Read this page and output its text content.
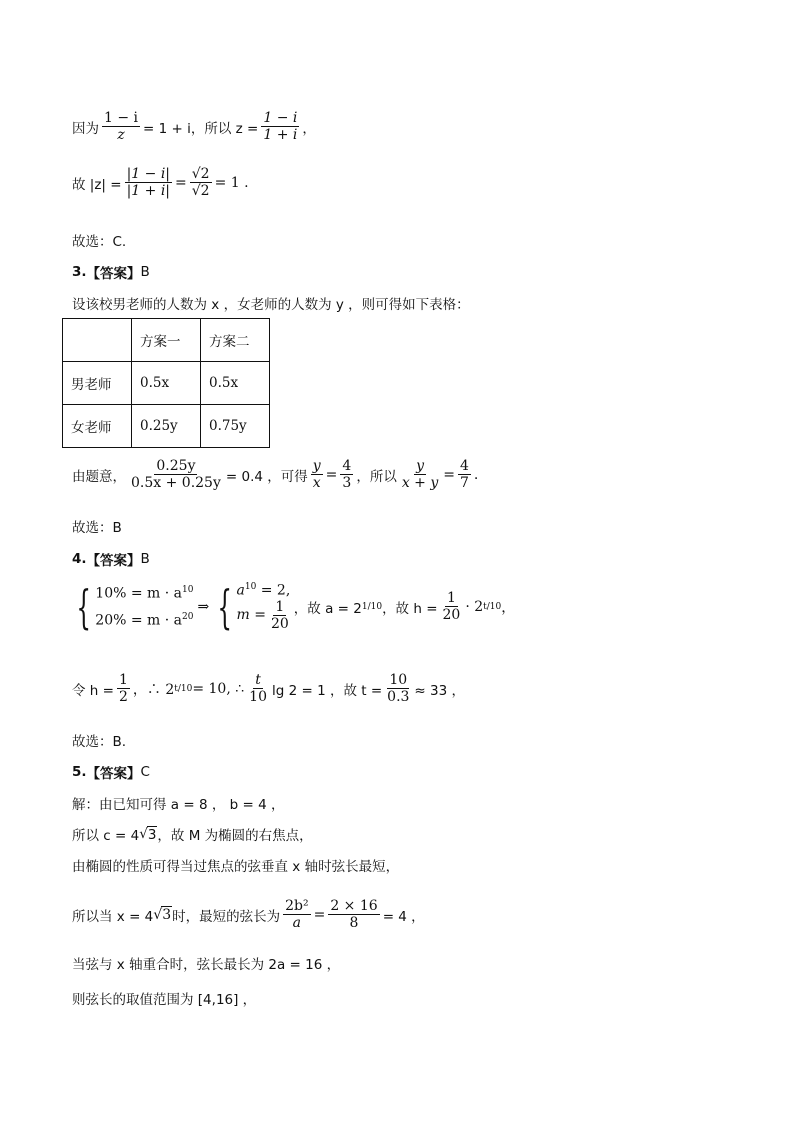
因为 $\frac{1 - i}{z} = 1 + i$，所以 $z = \frac{1 - i}{1 + i}$ ，
故 $|z| = \frac{|1 - i|}{|1 + i|} = \frac{√2}{√2} = 1$ .
故选：C.
3. 【答案】 B
设该校男老师的人数为 x ，女老师的人数为 y ，则可得如下表格：
	方案一	方案二
男老师	0.5x	0.5x
女老师	0.25y	0.75y
由题意， $\frac{0.25y}{0.5x + 0.25y} = 0.4$ ，可得 $\frac{y}{x} = \frac{4}{3}$ ，所以 $\frac{y}{x + y} = \frac{4}{7}$ .
故选：B
4. 【答案】 B
{ $10\% = m \cdot a^{10}$
$20\% = m \cdot a^{20}$
⇒ { $a^{10} = 2$,
$m = \frac{1}{20}$ ，故 a = 2 1/10 ，故 $h = \frac{1}{20} \cdot 2$ t/10 ，
令 $h = \frac{1}{2}$ ，∴ 2 t/10 = 10, ∴ $\frac{t}{10}$ lg 2 = 1 ，故 $t = \frac{10}{0.3} \approx 33$ ，
故选：B.
5. 【答案】 C
解：由已知可得 a = 8 ， b = 4 ，
所以 c = 4 √ 3 ，故 M 为椭圆的右焦点，
由椭圆的性质可得当过焦点的弦垂直 x 轴时弦长最短，
所以当 x = 4 √ 3 时，最短的弦长为 $\frac{\text{2b²}}{a} = \frac{2 \times 16}{8} = 4$ ，
当弦与 x 轴重合时，弦长最长为 2a = 16 ，
则弦长的取值范围为 [4,16] ，
